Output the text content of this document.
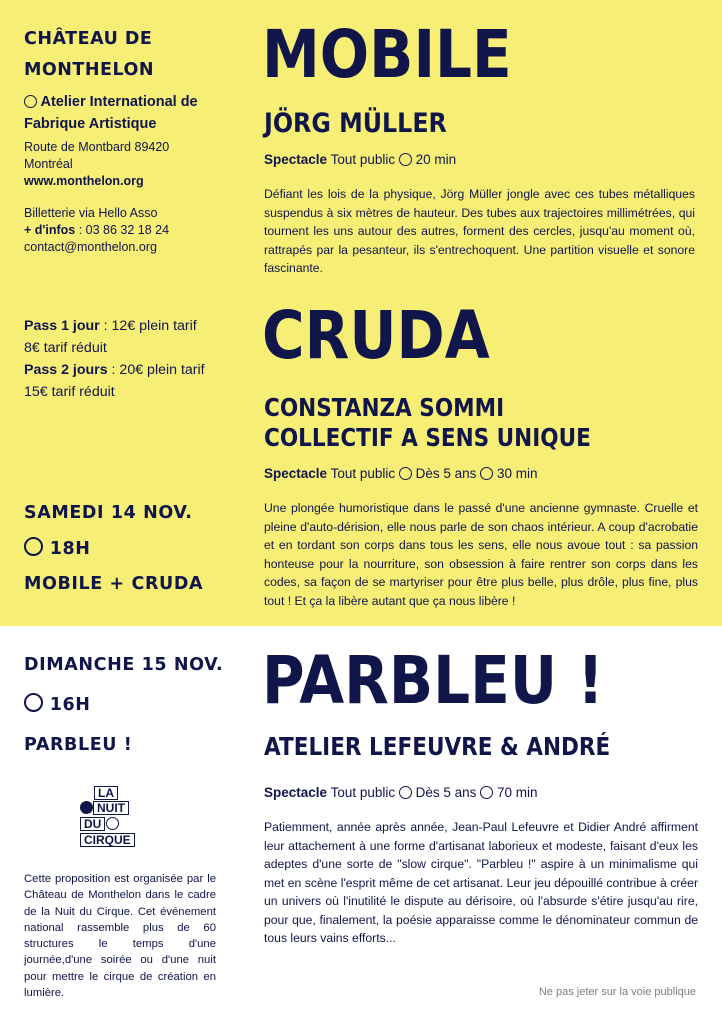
CHÂTEAU DE
MONTHELON
Atelier International de
Fabrique Artistique
Route de Montbard 89420
Montréal
www.monthelon.org
Billetterie via Hello Asso
+ d'infos : 03 86 32 18 24
contact@monthelon.org
Pass 1 jour : 12€ plein tarif
8€ tarif réduit
Pass 2 jours : 20€ plein tarif
15€ tarif réduit
SAMEDI 14 NOV.
18H
MOBILE + CRUDA
DIMANCHE 15 NOV.
16H
PARBLEU !
LA
NUIT
DU
CIRQUE
Cette proposition est organisée par le Château de Monthelon dans le cadre de la Nuit du Cirque. Cet événement national rassemble plus de 60 structures le temps d'une journée,d'une soirée ou d'une nuit pour mettre le cirque de création en lumière.
MOBILE
JÖRG MÜLLER
Spectacle Tout public 20 min
Défiant les lois de la physique, Jörg Müller jongle avec ces tubes métalliques suspendus à six mètres de hauteur. Des tubes aux trajectoires millimétrées, qui tournent les uns autour des autres, forment des cercles, jusqu'au moment où, rattrapés par la pesanteur, ils s'entrechoquent. Une partition visuelle et sonore fascinante.
CRUDA
CONSTANZA SOMMI
COLLECTIF A SENS UNIQUE
Spectacle Tout public Dès 5 ans 30 min
Une plongée humoristique dans le passé d'une ancienne gymnaste. Cruelle et pleine d'auto-dérision, elle nous parle de son chaos intérieur. A coup d'acrobatie et en tordant son corps dans tous les sens, elle nous avoue tout : sa passion honteuse pour la nourriture, son obsession à faire rentrer son corps dans les codes, sa façon de se martyriser pour être plus belle, plus drôle, plus fine, plus tout ! Et ça la libère autant que ça nous libère !
PARBLEU !
ATELIER LEFEUVRE & ANDRÉ
Spectacle Tout public Dès 5 ans 70 min
Patiemment, année après année, Jean-Paul Lefeuvre et Didier André affirment leur attachement à une forme d'artisanat laborieux et modeste, faisant d'eux les adeptes d'une sorte de "slow cirque". "Parbleu !" aspire à un minimalisme qui met en scène l'esprit même de cet artisanat. Leur jeu dépouillé contribue à créer un univers où l'inutilité le dispute au dérisoire, où l'absurde s'étire jusqu'au rire, pour que, finalement, la poésie apparaisse comme le dénominateur commun de tous leurs vains efforts...
Ne pas jeter sur la voie publique
